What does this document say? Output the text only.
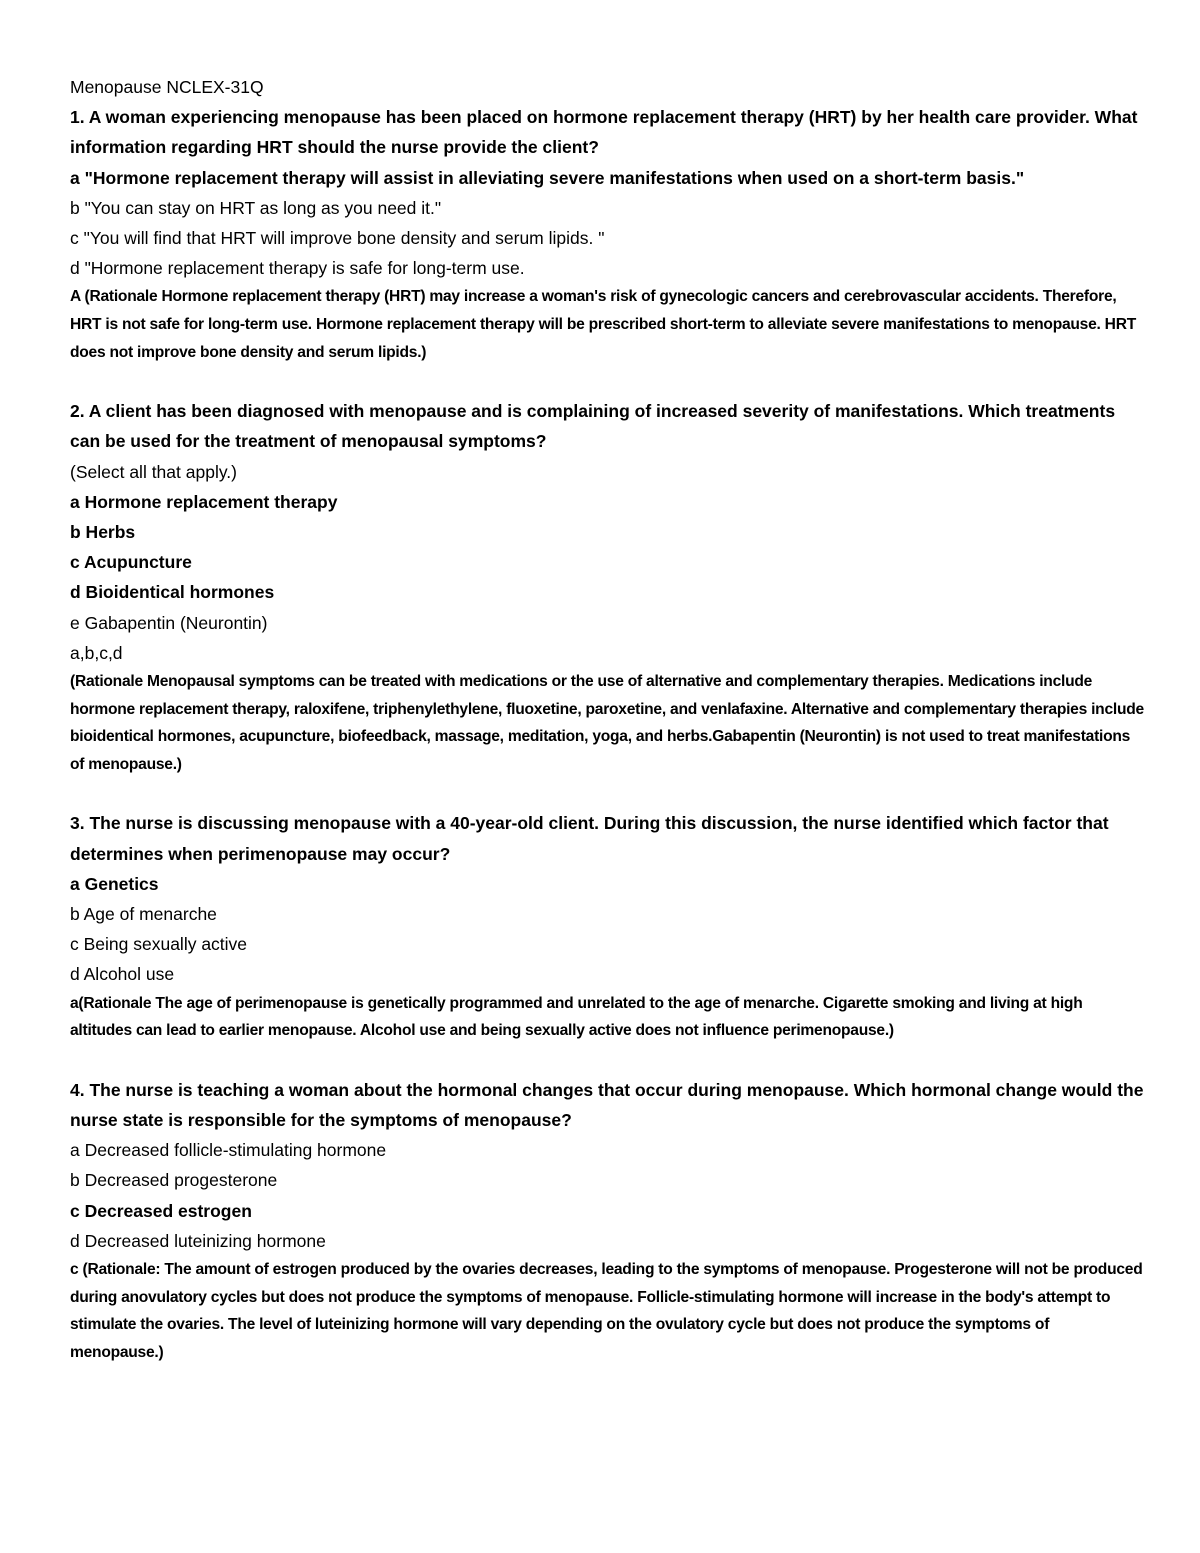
Menopause NCLEX-31Q
1. A woman experiencing menopause has been placed on hormone replacement therapy (HRT) by her health care provider. What information regarding HRT should the nurse provide the client?
a "Hormone replacement therapy will assist in alleviating severe manifestations when used on a short-term basis."
b "You can stay on HRT as long as you need it."
c "You will find that HRT will improve bone density and serum lipids. "
d "Hormone replacement therapy is safe for long-term use.
A (Rationale Hormone replacement therapy (HRT) may increase a woman's risk of gynecologic cancers and cerebrovascular accidents. Therefore, HRT is not safe for long-term use. Hormone replacement therapy will be prescribed short-term to alleviate severe manifestations to menopause. HRT does not improve bone density and serum lipids.)
2. A client has been diagnosed with menopause and is complaining of increased severity of manifestations. Which treatments can be used for the treatment of menopausal symptoms?
(Select all that apply.)
a Hormone replacement therapy
b Herbs
c Acupuncture
d Bioidentical hormones
e Gabapentin (Neurontin)
a,b,c,d
(Rationale Menopausal symptoms can be treated with medications or the use of alternative and complementary therapies. Medications include hormone replacement therapy, raloxifene, triphenylethylene, fluoxetine, paroxetine, and venlafaxine. Alternative and complementary therapies include bioidentical hormones, acupuncture, biofeedback, massage, meditation, yoga, and herbs.Gabapentin (Neurontin) is not used to treat manifestations of menopause.)
3. The nurse is discussing menopause with a 40-year-old client. During this discussion, the nurse identified which factor that determines when perimenopause may occur?
a Genetics
b Age of menarche
c Being sexually active
d Alcohol use
a(Rationale The age of perimenopause is genetically programmed and unrelated to the age of menarche. Cigarette smoking and living at high altitudes can lead to earlier menopause. Alcohol use and being sexually active does not influence perimenopause.)
4. The nurse is teaching a woman about the hormonal changes that occur during menopause. Which hormonal change would the nurse state is responsible for the symptoms of menopause?
a Decreased follicle-stimulating hormone
b Decreased progesterone
c Decreased estrogen
d Decreased luteinizing hormone
c (Rationale: The amount of estrogen produced by the ovaries decreases, leading to the symptoms of menopause. Progesterone will not be produced during anovulatory cycles but does not produce the symptoms of menopause. Follicle-stimulating hormone will increase in the body's attempt to stimulate the ovaries. The level of luteinizing hormone will vary depending on the ovulatory cycle but does not produce the symptoms of menopause.)
